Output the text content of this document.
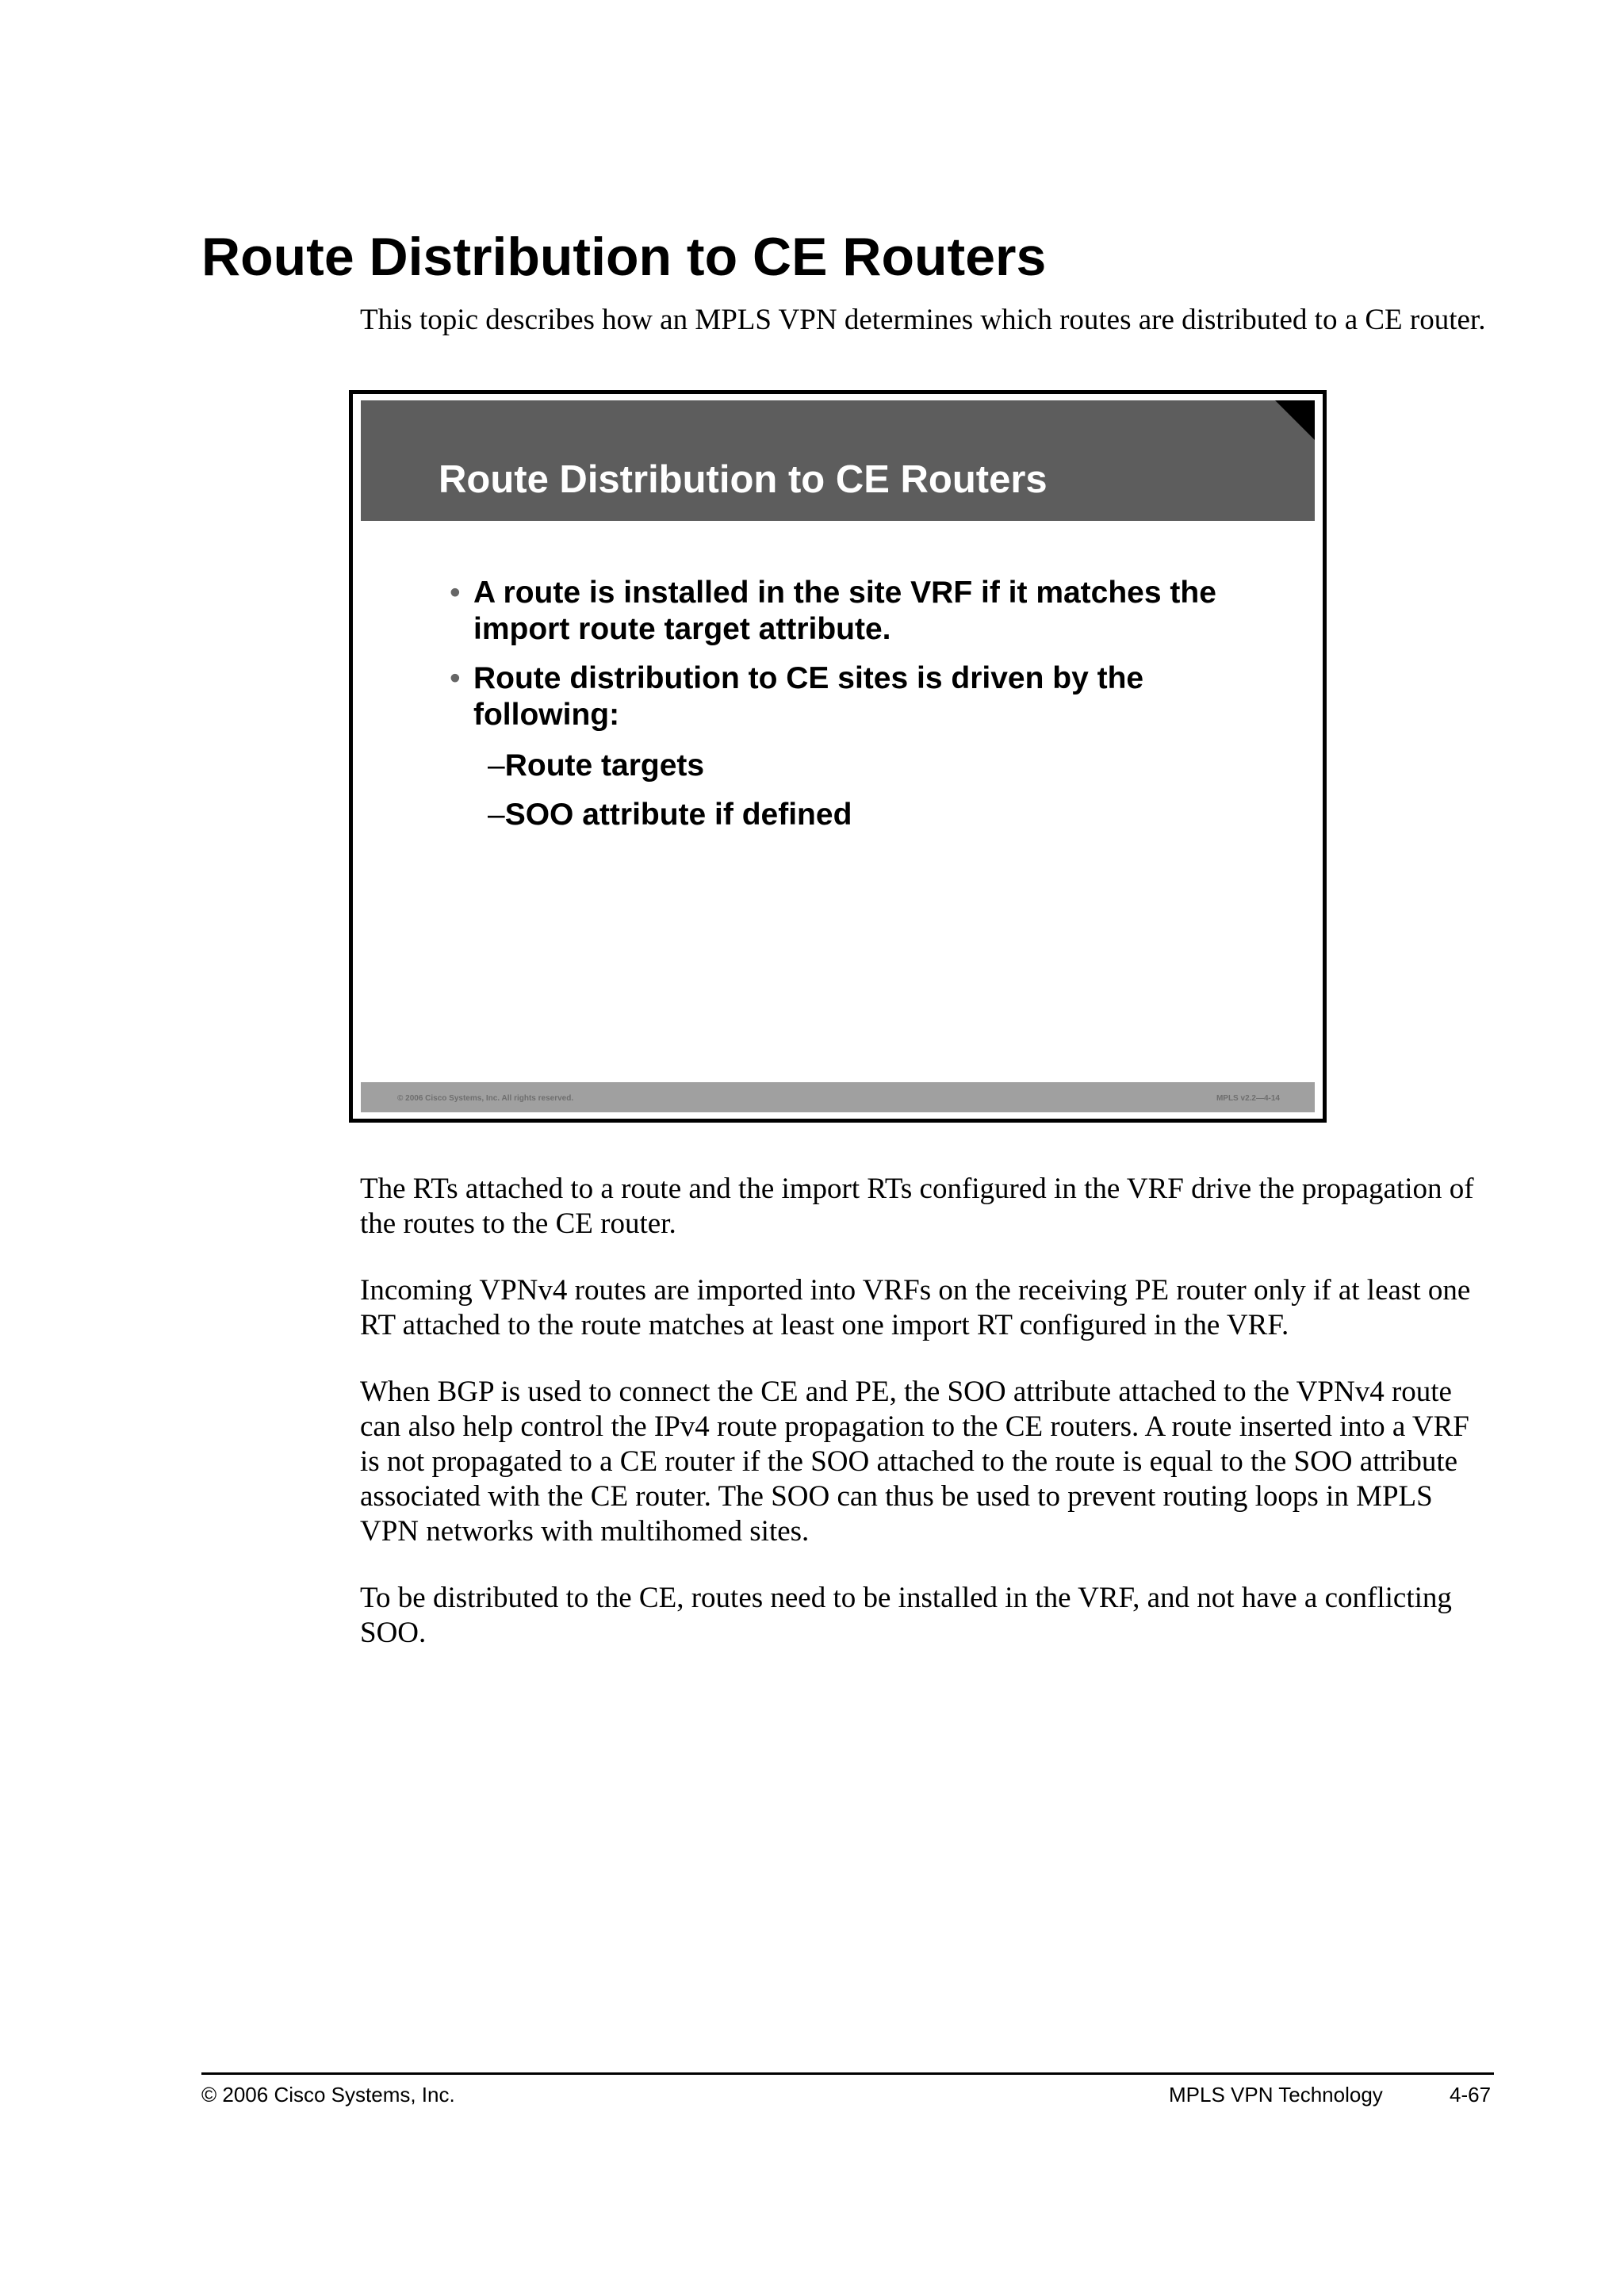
Route Distribution to CE Routers

This topic describes how an MPLS VPN determines which routes are distributed to a CE router.

Route Distribution to CE Routers
• A route is installed in the site VRF if it matches the import route target attribute.
• Route distribution to CE sites is driven by the following:
–Route targets
–SOO attribute if defined
© 2006 Cisco Systems, Inc. All rights reserved.	MPLS v2.2—4-14

The RTs attached to a route and the import RTs configured in the VRF drive the propagation of the routes to the CE router.

Incoming VPNv4 routes are imported into VRFs on the receiving PE router only if at least one RT attached to the route matches at least one import RT configured in the VRF.

When BGP is used to connect the CE and PE, the SOO attribute attached to the VPNv4 route can also help control the IPv4 route propagation to the CE routers. A route inserted into a VRF is not propagated to a CE router if the SOO attached to the route is equal to the SOO attribute associated with the CE router. The SOO can thus be used to prevent routing loops in MPLS VPN networks with multihomed sites.

To be distributed to the CE, routes need to be installed in the VRF, and not have a conflicting SOO.

© 2006 Cisco Systems, Inc.	MPLS VPN Technology	4-67
